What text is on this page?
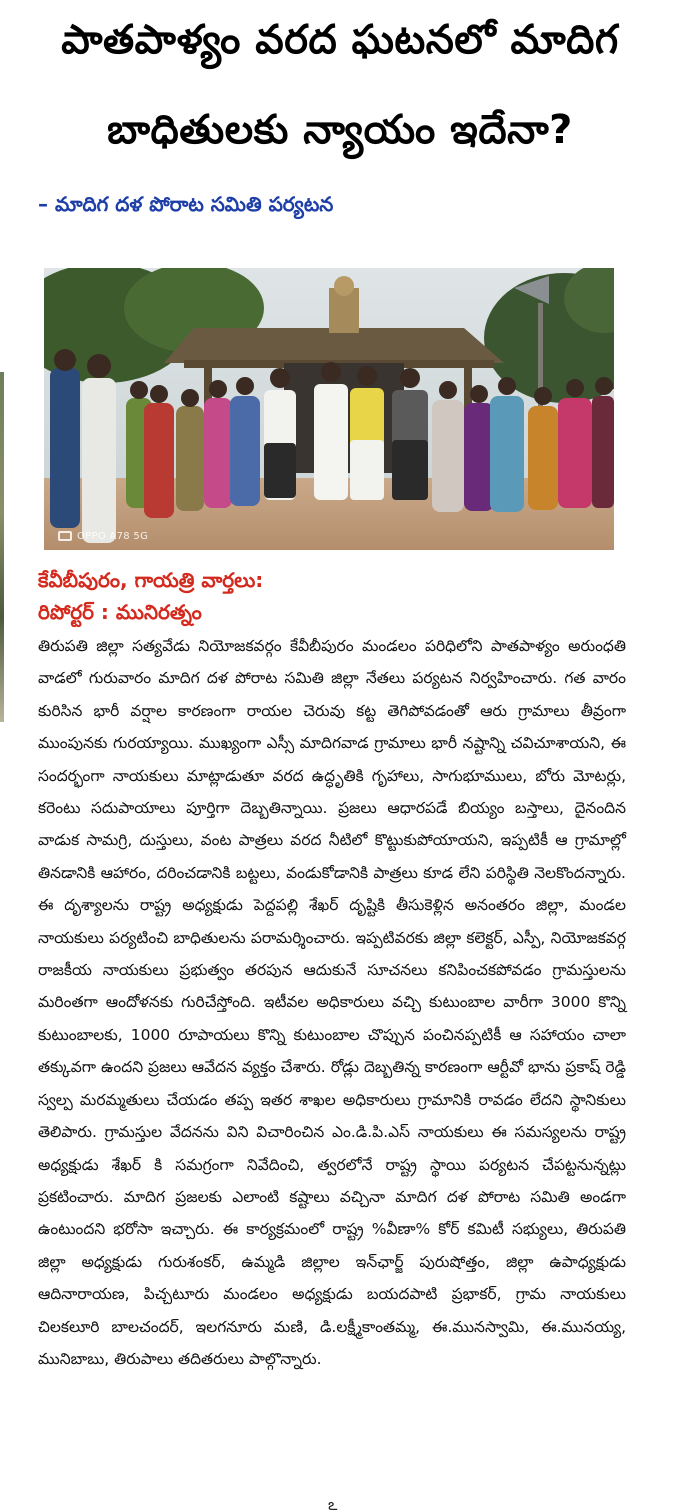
పాతపాళ్యం వరద ఘటనలో మాదిగ
బాధితులకు న్యాయం ఇదేనా?
– మాదిగ దళ పోరాట సమితి పర్యటన
OPPO A78 5G
కేవీబీపురం, గాయత్రి వార్తలు:
రిపోర్టర్ : మునిరత్నం
తిరుపతి జిల్లా సత్యవేడు నియోజకవర్గం కేవీబీపురం మండలం పరిధిలోని పాతపాళ్యం అరుంధతి వాడలో గురువారం మాదిగ దళ పోరాట సమితి జిల్లా నేతలు పర్యటన నిర్వహించారు. గత వారం కురిసిన భారీ వర్షాల కారణంగా రాయల చెరువు కట్ట తెగిపోవడంతో ఆరు గ్రామాలు తీవ్రంగా ముంపునకు గురయ్యాయి. ముఖ్యంగా ఎస్సీ మాదిగవాడ గ్రామాలు భారీ నష్టాన్ని చవిచూశాయని, ఈ సందర్భంగా నాయకులు మాట్లాడుతూ వరద ఉద్ధృతికి గృహాలు, సాగుభూములు, బోరు మోటర్లు, కరెంటు సదుపాయాలు పూర్తిగా దెబ్బతిన్నాయి. ప్రజలు ఆధారపడే బియ్యం బస్తాలు, దైనందిన వాడుక సామగ్రి, దుస్తులు, వంట పాత్రలు వరద నీటిలో కొట్టుకుపోయాయని, ఇప్పటికీ ఆ గ్రామాల్లో తినడానికి ఆహారం, దరించడానికి బట్టలు, వండుకోడానికి పాత్రలు కూడ లేని పరిస్థితి నెలకొందన్నారు. ఈ దృశ్యాలను రాష్ట్ర అధ్యక్షుడు పెద్దపల్లి శేఖర్ దృష్టికి తీసుకెళ్లిన అనంతరం జిల్లా, మండల నాయకులు పర్యటించి బాధితులను పరామర్శించారు. ఇప్పటివరకు జిల్లా కలెక్టర్, ఎస్పీ, నియోజకవర్గ రాజకీయ నాయకులు ప్రభుత్వం తరపున ఆదుకునే సూచనలు కనిపించకపోవడం గ్రామస్తులను మరింతగా ఆందోళనకు గురిచేస్తోంది. ఇటీవల అధికారులు వచ్చి కుటుంబాల వారీగా 3000 కొన్ని కుటుంబాలకు, 1000 రూపాయలు కొన్ని కుటుంబాల చొప్పున పంచినప్పటికీ ఆ సహాయం చాలా తక్కువగా ఉందని ప్రజలు ఆవేదన వ్యక్తం చేశారు. రోడ్లు దెబ్బతిన్న కారణంగా ఆర్టీవో భాను ప్రకాష్ రెడ్డి స్వల్ప మరమ్మతులు చేయడం తప్ప ఇతర శాఖల అధికారులు గ్రామానికి రావడం లేదని స్థానికులు తెలిపారు. గ్రామస్తుల వేదనను విని విచారించిన ఎం.డి.పి.ఎస్ నాయకులు ఈ సమస్యలను రాష్ట్ర అధ్యక్షుడు శేఖర్ కి సమగ్రంగా నివేదించి, త్వరలోనే రాష్ట్ర స్థాయి పర్యటన చేపట్టనున్నట్లు ప్రకటించారు. మాదిగ ప్రజలకు ఎలాంటి కష్టాలు వచ్చినా మాదిగ దళ పోరాట సమితి అండగా ఉంటుందని భరోసా ఇచ్చారు. ఈ కార్యక్రమంలో రాష్ట్ర %వీణా% కోర్ కమిటీ సభ్యులు, తిరుపతి జిల్లా అధ్యక్షుడు గురుశంకర్, ఉమ్మడి జిల్లాల ఇన్‌ఛార్జ్ పురుషోత్తం, జిల్లా ఉపాధ్యక్షుడు ఆదినారాయణ, పిచ్చటూరు మండలం అధ్యక్షుడు బయదపాటి ప్రభాకర్, గ్రామ నాయకులు చిలకలూరి బాలచందర్, ఇలగనూరు మణి, డి.లక్ష్మీకాంతమ్మ, ఈ.మునస్వామి, ఈ.మునయ్య, మునిబాబు, తిరుపాలు తదితరులు పాల్గొన్నారు.
ఽ
